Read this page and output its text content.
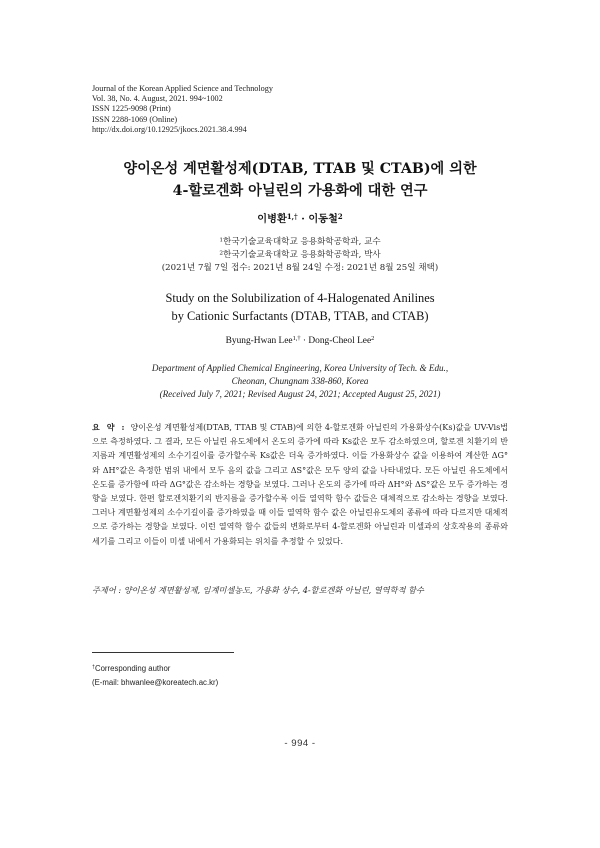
Journal of the Korean Applied Science and Technology
Vol. 38, No. 4. August, 2021. 994~1002
ISSN 1225-9098 (Print)
ISSN 2288-1069 (Online)
http://dx.doi.org/10.12925/jkocs.2021.38.4.994
양이온성 계면활성제(DTAB, TTAB 및 CTAB)에 의한
4-할로겐화 아닐린의 가용화에 대한 연구
이병환$^{1,\dagger}$ · 이동철$^2$
$^1$한국기술교육대학교 응용화학공학과, 교수
$^2$한국기술교육대학교 응용화학공학과, 박사
(2021년 7월 7일 접수: 2021년 8월 24일 수정: 2021년 8월 25일 채택)
Study on the Solubilization of 4-Halogenated Anilines
by Cationic Surfactants (DTAB, TTAB, and CTAB)
Byung-Hwan Lee$^{1,\dagger}$ · Dong-Cheol Lee$^2$
Department of Applied Chemical Engineering, Korea University of Tech. & Edu.,
Cheonan, Chungnam 338-860, Korea
(Received July 7, 2021; Revised August 24, 2021; Accepted August 25, 2021)
요 약 : 양이온성 계면활성제(DTAB, TTAB 및 CTAB)에 의한 4-할로겐화 아닐린의 가용화상수(Ks)값을 UV-Vis법으로 측정하였다. 그 결과, 모든 아닐린 유도체에서 온도의 증가에 따라 Ks값은 모두 감소하였으며, 할로겐 치환기의 반지름과 계면활성제의 소수기길이를 증가할수록 Ks값은 더욱 증가하였다. 이들 가용화상수 값을 이용하여 계산한 ΔG°와 ΔH°값은 측정한 범위 내에서 모두 음의 값을 그리고 ΔS°값은 모두 양의 값을 나타내었다. 모든 아닐린 유도체에서 온도를 증가함에 따라 ΔG°값은 감소하는 경향을 보였다. 그러나 온도의 증가에 따라 ΔH°와 ΔS°값은 모두 증가하는 경향을 보였다. 한편 할로겐치환기의 반지름을 증가할수록 이들 열역학 함수 값들은 대체적으로 감소하는 경향을 보였다. 그러나 계면활성제의 소수기길이를 증가하였을 때 이들 열역학 함수 값은 아닐린유도체의 종류에 따라 다르지만 대체적으로 증가하는 경향을 보였다. 이런 열역학 함수 값들의 변화로부터 4-할로겐화 아닐린과 미셀과의 상호작용의 종류와 세기를 그리고 이들이 미셀 내에서 가용화되는 위치를 추정할 수 있었다.
주제어 : 양이온성 계면활성제, 임계미셀농도, 가용화 상수, 4-할로겐화 아닐린, 열역학적 함수
†Corresponding author
(E-mail: bhwanlee@koreatech.ac.kr)
- 994 -
